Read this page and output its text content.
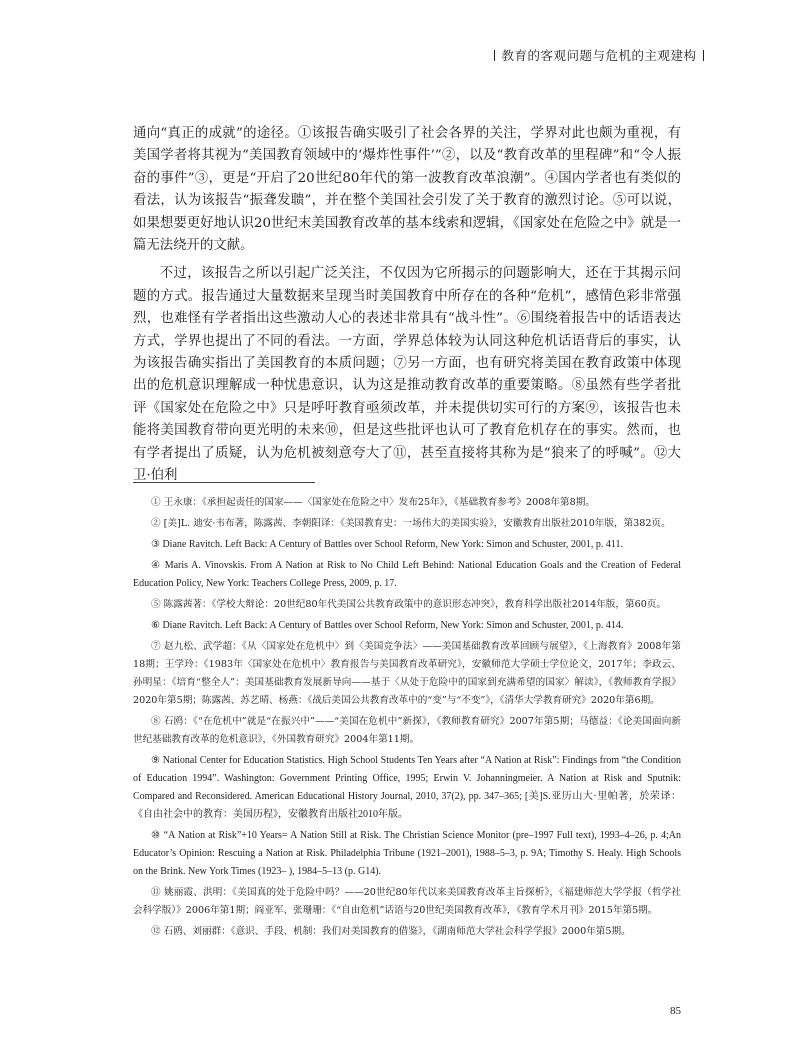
教育的客观问题与危机的主观建构

通向“真正的成就”的途径。①该报告确实吸引了社会各界的关注，学界对此也颇为重视，有美国学者将其视为“美国教育领域中的‘爆炸性事件’”②，以及“教育改革的里程碑”和“令人振奋的事件”③，更是“开启了20世纪80年代的第一波教育改革浪潮”。④国内学者也有类似的看法，认为该报告“振聋发聩”，并在整个美国社会引发了关于教育的激烈讨论。⑤可以说，如果想要更好地认识20世纪末美国教育改革的基本线索和逻辑，《国家处在危险之中》就是一篇无法绕开的文献。

不过，该报告之所以引起广泛关注，不仅因为它所揭示的问题影响大，还在于其揭示问题的方式。报告通过大量数据来呈现当时美国教育中所存在的各种“危机”，感情色彩非常强烈，也难怪有学者指出这些激动人心的表述非常具有“战斗性”。⑥围绕着报告中的话语表达方式，学界也提出了不同的看法。一方面，学界总体较为认同这种危机话语背后的事实，认为该报告确实指出了美国教育的本质问题；⑦另一方面，也有研究将美国在教育政策中体现出的危机意识理解成一种忧患意识，认为这是推动教育改革的重要策略。⑧虽然有些学者批评《国家处在危险之中》只是呼吁教育亟须改革，并未提供切实可行的方案⑨，该报告也未能将美国教育带向更光明的未来⑩，但是这些批评也认可了教育危机存在的事实。然而，也有学者提出了质疑，认为危机被刻意夸大了⑪，甚至直接将其称为是“狼来了的呼喊”。⑫大卫·伯利

① 王永康：《承担起责任的国家——〈国家处在危险之中〉发布25年》，《基础教育参考》2008年第8期。

② [美]L. 迪安·韦布著，陈露茜、李朝阳译：《美国教育史：一场伟大的美国实验》，安徽教育出版社2010年版，第382页。

③ Diane Ravitch. Left Back: A Century of Battles over School Reform, New York: Simon and Schuster, 2001, p. 411.

④ Maris A. Vinovskis. From A Nation at Risk to No Child Left Behind: National Education Goals and the Creation of Federal Education Policy, New York: Teachers College Press, 2009, p. 17.

⑤ 陈露茜著：《学校大辩论：20世纪80年代美国公共教育政策中的意识形态冲突》，教育科学出版社2014年版，第60页。

⑥ Diane Ravitch. Left Back: A Century of Battles over School Reform, New York: Simon and Schuster, 2001, p. 414.

⑦ 赵九松、武学超：《从〈国家处在危机中〉到〈美国竞争法〉——美国基础教育改革回顾与展望》，《上海教育》2008年第18期；王学玲：《1983年〈国家处在危机中〉教育报告与美国教育改革研究》，安徽师范大学硕士学位论文，2017年；李政云、孙明星：《培育“整全人”：美国基础教育发展新导向——基于〈从处于危险中的国家到充满希望的国家〉解读》，《教师教育学报》2020年第5期；陈露茜、苏艺晴、杨燕：《战后美国公共教育改革中的“变”与“不变”》，《清华大学教育研究》2020年第6期。

⑧ 石鸥：《“在危机中”就是“在振兴中”——“美国在危机中”新探》，《教师教育研究》2007年第5期；马德益：《论美国面向新世纪基础教育改革的危机意识》，《外国教育研究》2004年第11期。

⑨ National Center for Education Statistics. High School Students Ten Years after “A Nation at Risk”: Findings from “the Condition of Education 1994”. Washington: Government Printing Office, 1995; Erwin V. Johanningmeier. A Nation at Risk and Sputnik: Compared and Reconsidered. American Educational History Journal, 2010, 37(2), pp. 347–365; [美]S.亚历山大·里帕著，於荣译：《自由社会中的教育：美国历程》，安徽教育出版社2010年版。

⑩ “A Nation at Risk”+10 Years= A Nation Still at Risk. The Christian Science Monitor (pre–1997 Full text), 1993–4–26, p. 4;An Educator’s Opinion: Rescuing a Nation at Risk. Philadelphia Tribune (1921–2001), 1988–5–3, p. 9A; Timothy S. Healy. High Schools on the Brink. New York Times (1923– ), 1984–5–13 (p. G14).

⑪ 姚丽霞、洪明：《美国真的处于危险中吗？——20世纪80年代以来美国教育改革主旨探析》，《福建师范大学学报（哲学社会科学版）》2006年第1期；阎亚军、张珊珊：《“自由危机”话语与20世纪美国教育改革》，《教育学术月刊》2015年第5期。

⑫ 石鸥、刘丽群：《意识、手段、机制：我们对美国教育的借鉴》，《湖南师范大学社会科学学报》2000年第5期。

85
